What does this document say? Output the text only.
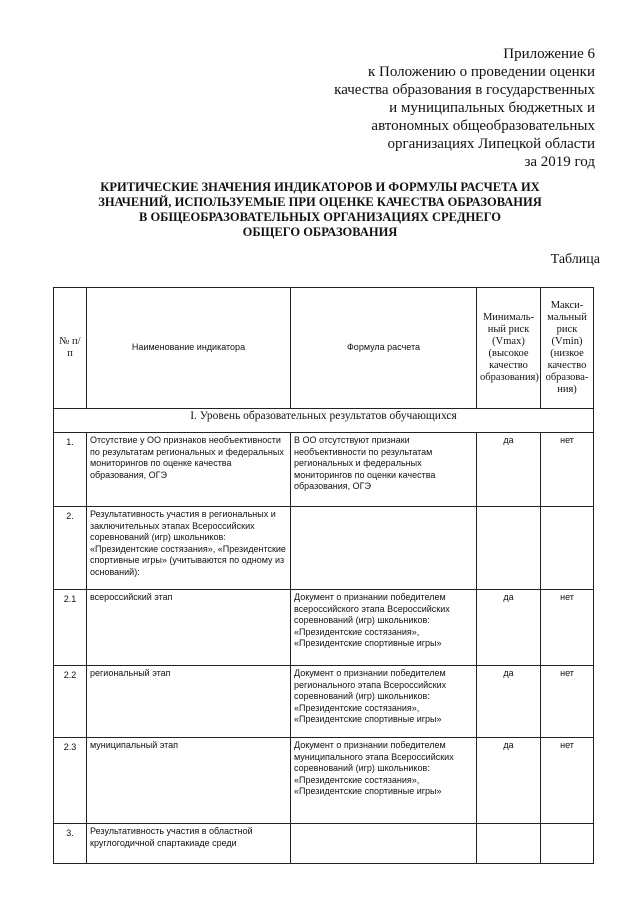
Приложение 6
к Положению о проведении оценки
качества образования в государственных
и муниципальных бюджетных и
автономных общеобразовательных
организациях Липецкой области
за 2019 год
КРИТИЧЕСКИЕ ЗНАЧЕНИЯ ИНДИКАТОРОВ И ФОРМУЛЫ РАСЧЕТА ИХ
ЗНАЧЕНИЙ, ИСПОЛЬЗУЕМЫЕ ПРИ ОЦЕНКЕ КАЧЕСТВА ОБРАЗОВАНИЯ
В ОБЩЕОБРАЗОВАТЕЛЬНЫХ ОРГАНИЗАЦИЯХ СРЕДНЕГО
ОБЩЕГО ОБРАЗОВАНИЯ
Таблица
№ п/п	Наименование индикатора	Формула расчета	Минималь-ный риск (Vmax) (высокое качество образования)	Макси-мальный риск (Vmin) (низкое качество образова-ния)
I. Уровень образовательных результатов обучающихся				
1.	Отсутствие у ОО признаков необъективности по результатам региональных и федеральных мониторингов по оценке качества образования, ОГЭ	В ОО отсутствуют признаки необъективности по результатам региональных и федеральных мониторингов по оценки качества образования, ОГЭ	да	нет
2.	Результативность участия в региональных и заключительных этапах Всероссийских соревнований (игр) школьников: «Президентские состязания», «Президентские спортивные игры» (учитываются по одному из оснований):			
2.1	всероссийский этап	Документ о признании победителем всероссийского этапа Всероссийских соревнований (игр) школьников: «Президентские состязания», «Президентские спортивные игры»	да	нет
2.2	региональный этап	Документ о признании победителем регионального этапа Всероссийских соревнований (игр) школьников: «Президентские состязания», «Президентские спортивные игры»	да	нет
2.3	муниципальный этап	Документ о признании победителем муниципального этапа Всероссийских соревнований (игр) школьников: «Президентские состязания», «Президентские спортивные игры»	да	нет
3.	Результативность участия в областной круглогодичной спартакиаде среди			
